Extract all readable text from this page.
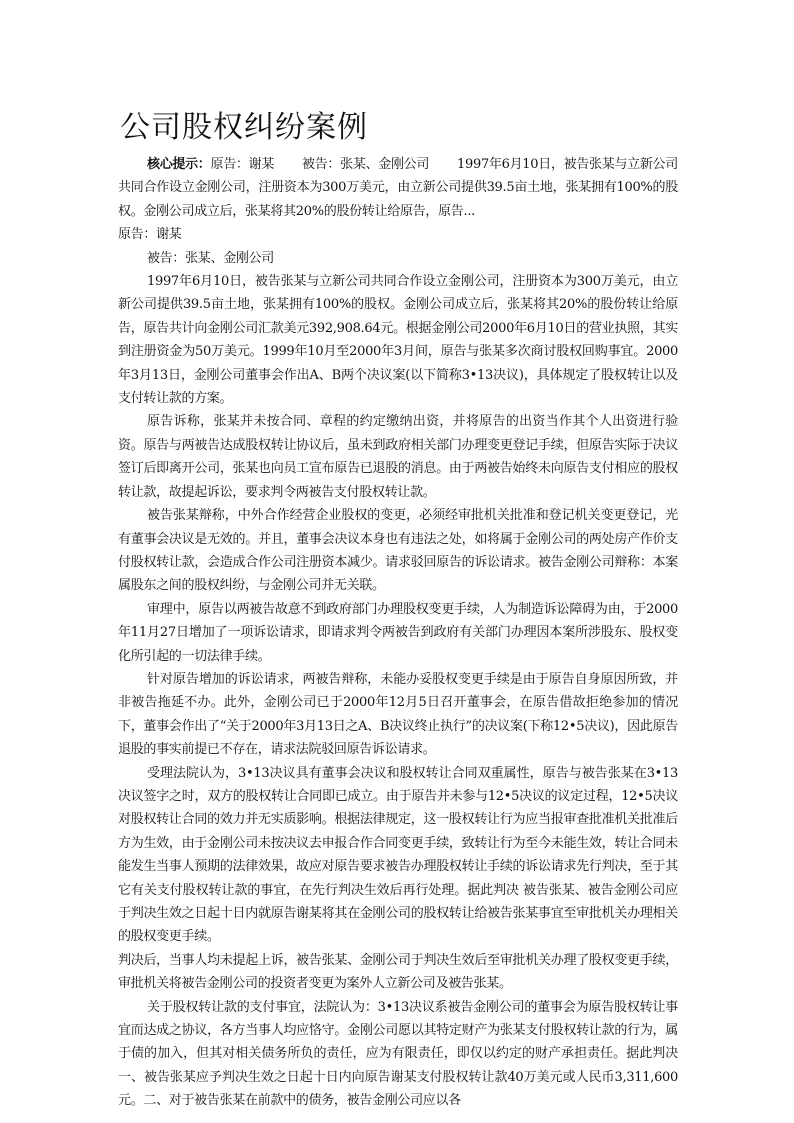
公司股权纠纷案例

核心提示：原告：谢某 被告：张某、金刚公司 1997年6月10日，被告张某与立新公司共同合作设立金刚公司，注册资本为300万美元，由立新公司提供39.5亩土地，张某拥有100%的股权。金刚公司成立后，张某将其20%的股份转让给原告，原告...

原告：谢某

被告：张某、金刚公司

1997年6月10日，被告张某与立新公司共同合作设立金刚公司，注册资本为300万美元，由立新公司提供39.5亩土地，张某拥有100%的股权。金刚公司成立后，张某将其20%的股份转让给原告，原告共计向金刚公司汇款美元392,908.64元。根据金刚公司2000年6月10日的营业执照，其实到注册资金为50万美元。1999年10月至2000年3月间，原告与张某多次商讨股权回购事宜。2000年3月13日，金刚公司董事会作出A、B两个决议案(以下简称3•13决议)，具体规定了股权转让以及支付转让款的方案。

原告诉称，张某并未按合同、章程的约定缴纳出资，并将原告的出资当作其个人出资进行验资。原告与两被告达成股权转让协议后，虽未到政府相关部门办理变更登记手续，但原告实际于决议签订后即离开公司，张某也向员工宣布原告已退股的消息。由于两被告始终未向原告支付相应的股权转让款，故提起诉讼，要求判令两被告支付股权转让款。

被告张某辩称，中外合作经营企业股权的变更，必须经审批机关批准和登记机关变更登记，光有董事会决议是无效的。并且，董事会决议本身也有违法之处，如将属于金刚公司的两处房产作价支付股权转让款，会造成合作公司注册资本减少。请求驳回原告的诉讼请求。被告金刚公司辩称：本案属股东之间的股权纠纷，与金刚公司并无关联。

审理中，原告以两被告故意不到政府部门办理股权变更手续，人为制造诉讼障碍为由，于2000年11月27日增加了一项诉讼请求，即请求判令两被告到政府有关部门办理因本案所涉股东、股权变化所引起的一切法律手续。

针对原告增加的诉讼请求，两被告辩称，未能办妥股权变更手续是由于原告自身原因所致，并非被告拖延不办。此外，金刚公司已于2000年12月5日召开董事会，在原告借故拒绝参加的情况下，董事会作出了“关于2000年3月13日之A、B决议终止执行”的决议案(下称12•5决议)，因此原告退股的事实前提已不存在，请求法院驳回原告诉讼请求。

受理法院认为，3•13决议具有董事会决议和股权转让合同双重属性，原告与被告张某在3•13决议签字之时，双方的股权转让合同即已成立。由于原告并未参与12•5决议的议定过程，12•5决议对股权转让合同的效力并无实质影响。根据法律规定，这一股权转让行为应当报审查批准机关批准后方为生效，由于金刚公司未按决议去申报合作合同变更手续，致转让行为至今未能生效，转让合同未能发生当事人预期的法律效果，故应对原告要求被告办理股权转让手续的诉讼请求先行判决，至于其它有关支付股权转让款的事宜，在先行判决生效后再行处理。据此判决 被告张某、被告金刚公司应于判决生效之日起十日内就原告谢某将其在金刚公司的股权转让给被告张某事宜至审批机关办理相关的股权变更手续。

判决后，当事人均未提起上诉，被告张某、金刚公司于判决生效后至审批机关办理了股权变更手续，审批机关将被告金刚公司的投资者变更为案外人立新公司及被告张某。

关于股权转让款的支付事宜，法院认为：3•13决议系被告金刚公司的董事会为原告股权转让事宜而达成之协议，各方当事人均应恪守。金刚公司愿以其特定财产为张某支付股权转让款的行为，属于债的加入，但其对相关债务所负的责任，应为有限责任，即仅以约定的财产承担责任。据此判决 一、被告张某应予判决生效之日起十日内向原告谢某支付股权转让款40万美元或人民币3,311,600元。二、对于被告张某在前款中的债务，被告金刚公司应以各
